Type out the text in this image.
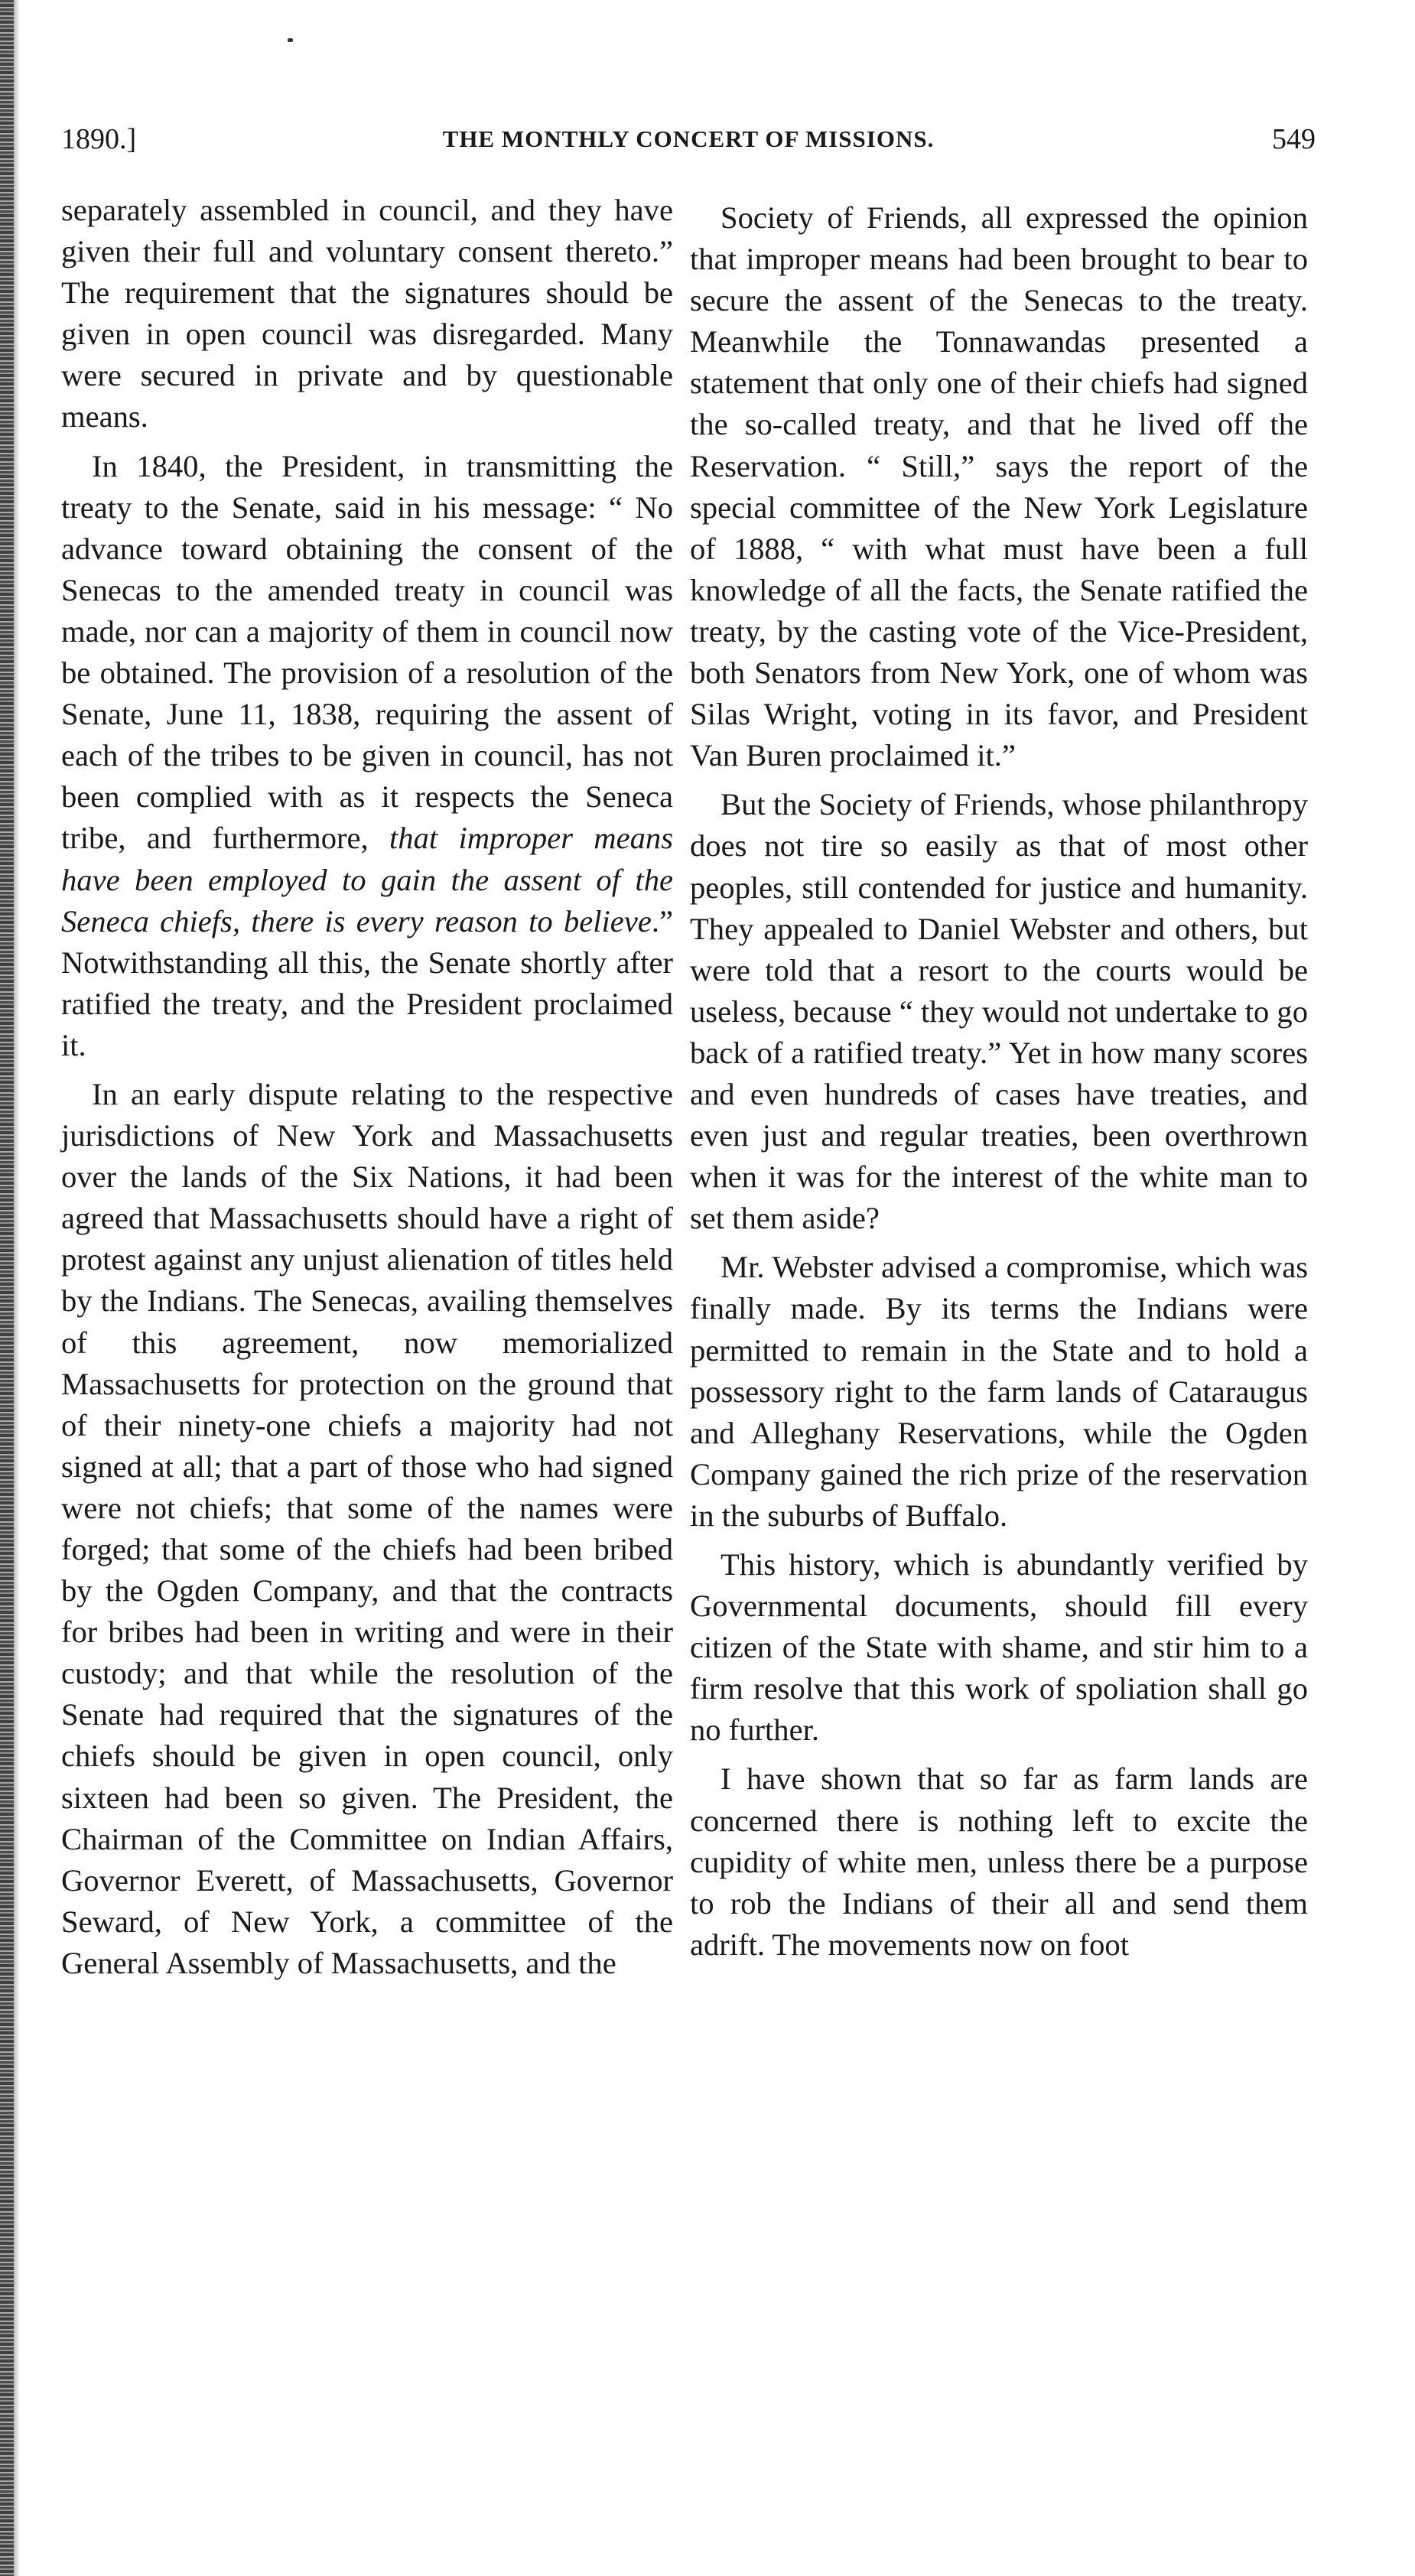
1890.]	THE MONTHLY CONCERT OF MISSIONS.	549

separately assembled in council, and they have given their full and voluntary consent thereto.” The requirement that the signatures should be given in open council was disregarded. Many were secured in private and by questionable means.

In 1840, the President, in transmitting the treaty to the Senate, said in his message: “ No advance toward obtaining the consent of the Senecas to the amended treaty in council was made, nor can a majority of them in council now be obtained. The provision of a resolution of the Senate, June 11, 1838, requiring the assent of each of the tribes to be given in council, has not been complied with as it respects the Seneca tribe, and furthermore, that improper means have been employed to gain the assent of the Seneca chiefs, there is every reason to believe.” Notwithstanding all this, the Senate shortly after ratified the treaty, and the President proclaimed it.

In an early dispute relating to the respective jurisdictions of New York and Massachusetts over the lands of the Six Nations, it had been agreed that Massachusetts should have a right of protest against any unjust alienation of titles held by the Indians. The Senecas, availing themselves of this agreement, now memorialized Massachusetts for protection on the ground that of their ninety-one chiefs a majority had not signed at all; that a part of those who had signed were not chiefs; that some of the names were forged; that some of the chiefs had been bribed by the Ogden Company, and that the contracts for bribes had been in writing and were in their custody; and that while the resolution of the Senate had required that the signatures of the chiefs should be given in open council, only sixteen had been so given. The President, the Chairman of the Committee on Indian Affairs, Governor Everett, of Massachusetts, Governor Seward, of New York, a committee of the General Assembly of Massachusetts, and the

Society of Friends, all expressed the opinion that improper means had been brought to bear to secure the assent of the Senecas to the treaty. Meanwhile the Tonnawandas presented a statement that only one of their chiefs had signed the so-called treaty, and that he lived off the Reservation. “ Still,” says the report of the special committee of the New York Legislature of 1888, “ with what must have been a full knowledge of all the facts, the Senate ratified the treaty, by the casting vote of the Vice-President, both Senators from New York, one of whom was Silas Wright, voting in its favor, and President Van Buren proclaimed it.”

But the Society of Friends, whose philanthropy does not tire so easily as that of most other peoples, still contended for justice and humanity. They appealed to Daniel Webster and others, but were told that a resort to the courts would be useless, because “ they would not undertake to go back of a ratified treaty.” Yet in how many scores and even hundreds of cases have treaties, and even just and regular treaties, been overthrown when it was for the interest of the white man to set them aside?

Mr. Webster advised a compromise, which was finally made. By its terms the Indians were permitted to remain in the State and to hold a possessory right to the farm lands of Cataraugus and Alleghany Reservations, while the Ogden Company gained the rich prize of the reservation in the suburbs of Buffalo.

This history, which is abundantly verified by Governmental documents, should fill every citizen of the State with shame, and stir him to a firm resolve that this work of spoliation shall go no further.

I have shown that so far as farm lands are concerned there is nothing left to excite the cupidity of white men, unless there be a purpose to rob the Indians of their all and send them adrift. The movements now on foot
